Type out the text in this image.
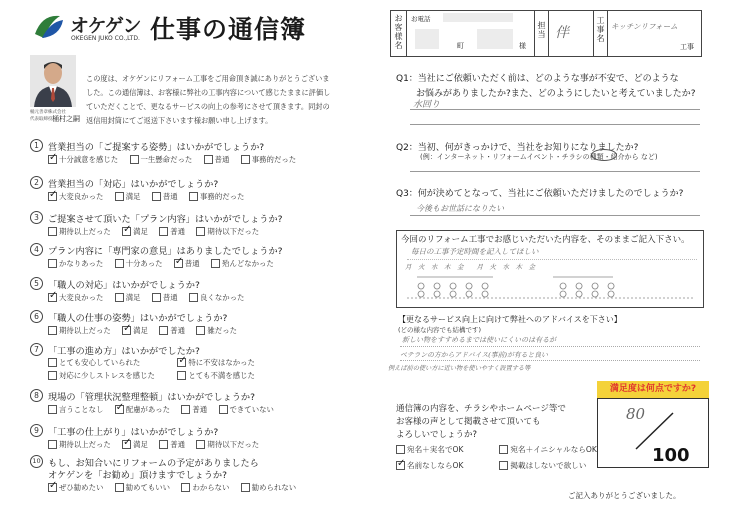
オケゲン
OKEGEN JUKO CO.,LTD. 仕事の通信簿
桶元善章株式会社
代表取締役 桶村之嗣
この度は、オケゲンにリフォーム工事をご用命頂き誠にありがとうございました。この通信簿は、お客様に弊社の工事内容について感じたままに評価していただくことで、更なるサービスの向上の参考にさせて頂きます。同封の返信用封筒にてご返送下さいます様お願い申し上げます。
1 営業担当の「ご提案する姿勢」はいかがでしょうか?
✓
十分誠意を感じた
	一生懸命だった
	普通
	事務的だった
2 営業担当の「対応」はいかがでしょうか?
✓
大変良かった
	満足
	普通
	事務的だった
3 ご提案させて頂いた「プラン内容」はいかがでしょうか?
期待以上だった
✓	満足
	普通
	期待以下だった
4 プラン内容に「専門家の意見」はありましたでしょうか?
かなりあった
	十分あった
✓	普通
	殆んどなかった
5 「職人の対応」はいかがでしょうか?
✓
大変良かった
	満足
	普通
	良くなかった
6 「職人の仕事の姿勢」はいかがでしょうか?
期待以上だった
✓	満足
	普通
	雑だった
7 「工事の進め方」はいかがでしたか?
とても安心していられた
✓	特に不安はなかった
対応に少しストレスを感じた
	とても不満を感じた
8 現場の「管理状況整理整頓」はいかがでしょうか?
言うことなし
✓	配慮があった
	普通
	できていない
9 「工事の仕上がり」はいかがでしょうか?
期待以上だった
✓	満足
	普通
	期待以下だった
10 もし、お知合いにリフォームの予定がありましたら
オケゲンを「お勧め」頂けますでしょうか?
✓
ぜひ勧めたい
	勧めてもいい
	わからない
	勧められない
お客様名
お電話
町	様
担当 伴
工事名
キッチンリフォーム
工事
Q1：当社にご依頼いただく前は、どのような事が不安で、どのような
お悩みがありましたか?また、どのようにしたいと考えていましたか?
水回り
Q2：当初、何がきっかけで、当社をお知りになりましたか?
(例：インターネット・リフォームイベント・チラシの種類・紹介から など)
Q3：何が決めてとなって、当社にご依頼いただけましたのでしょうか?
今後もお世話になりたい
今回のリフォーム工事でお感じいただいた内容を、そのままご記入下さい。
毎日の工事予定時間を記入してほしい
月　火　水　木　金　　月　火　水　木　金
【更なるサービス向上に向けて弊社へのアドバイスを下さい】
(どの様な内容でも結構です)
新しい物をすすめるまでは使いにくいのは有るが
ベテランの方からアドバイス(事前)が有ると良い
例えば前の使い方に近い物を使いやすく設置する等
通信簿の内容を、チラシやホームページ等で
お客様の声として掲載させて頂いても
よろしいでしょうか?
宛名＋実名でOK
	宛名＋イニシャルならOK
✓
名前なしならOK
	掲載はしないで欲しい
満足度は何点ですか?
80
100
ご記入ありがとうございました。
